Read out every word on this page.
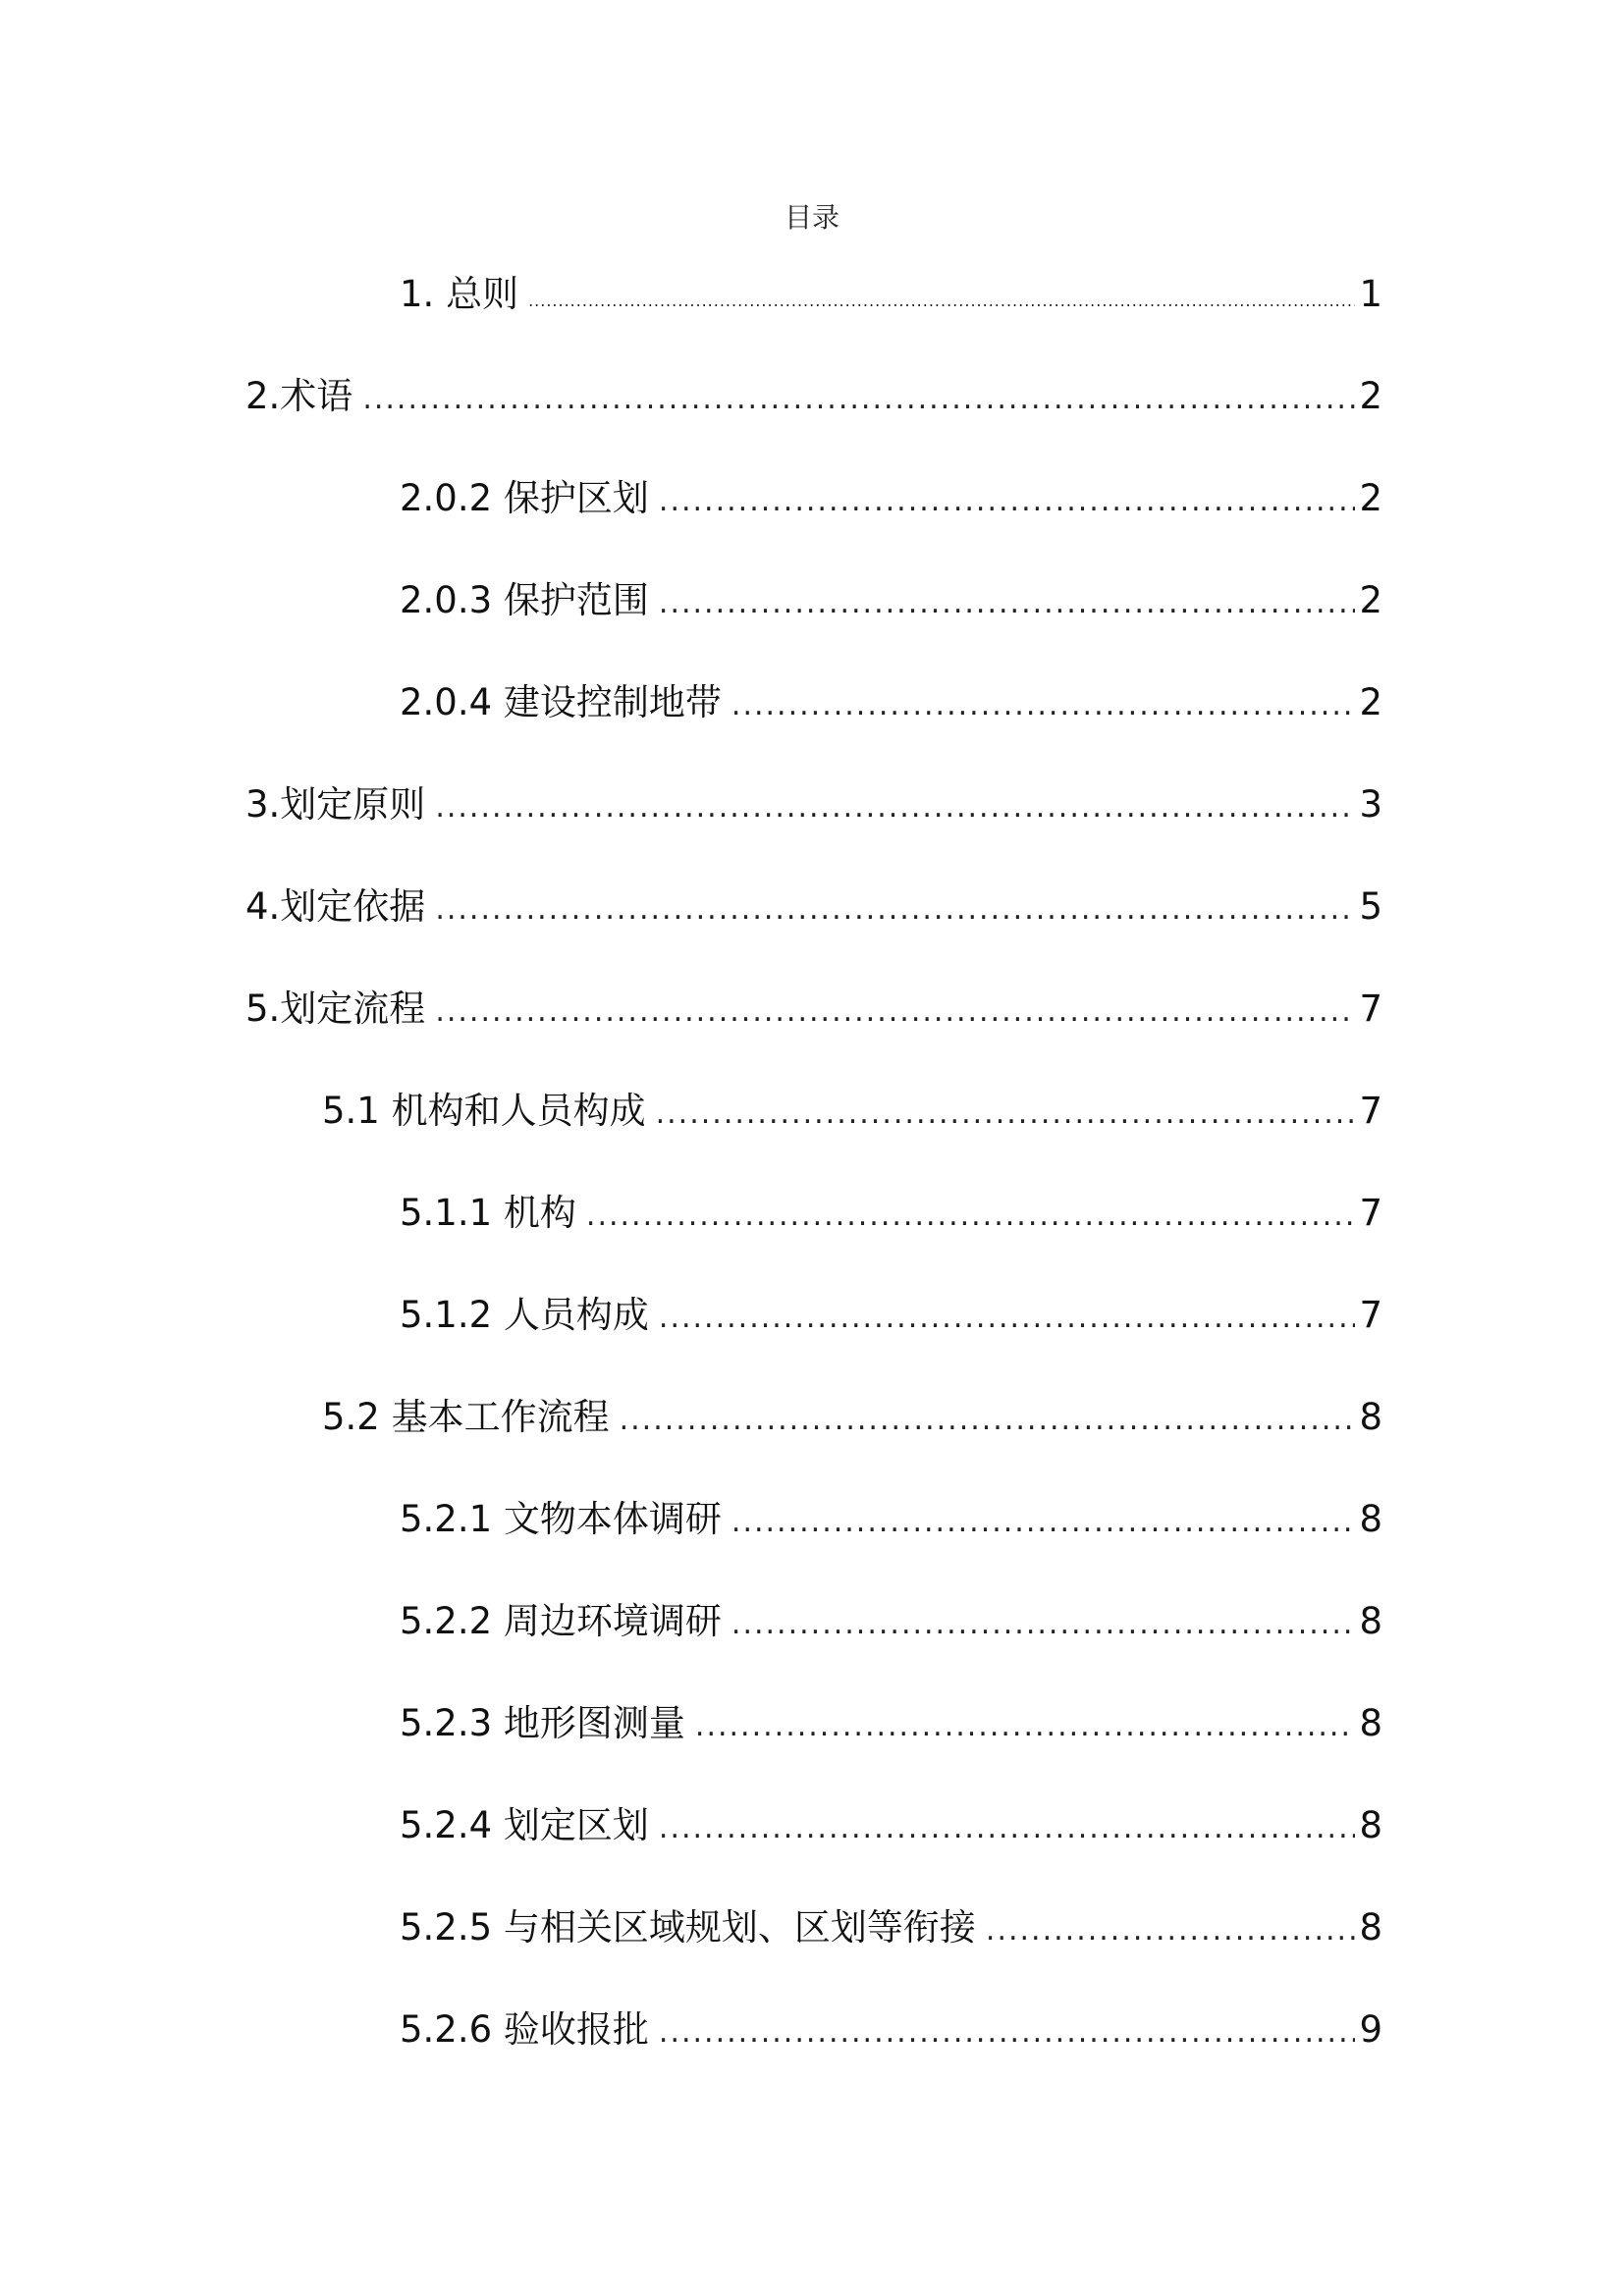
目录
1. 总则 .....	1
2.术语 .....	2
2.0.2 保护区划 .....	2
2.0.3 保护范围 .....	2
2.0.4 建设控制地带 .....	2
3.划定原则 .....	3
4.划定依据 .....	5
5.划定流程 .....	7
5.1 机构和人员构成 .....	7
5.1.1 机构 .....	7
5.1.2 人员构成 .....	7
5.2 基本工作流程 .....	8
5.2.1 文物本体调研 .....	8
5.2.2 周边环境调研 .....	8
5.2.3 地形图测量 .....	8
5.2.4 划定区划 .....	8
5.2.5 与相关区域规划、区划等衔接 .....	8
5.2.6 验收报批 .....	9
